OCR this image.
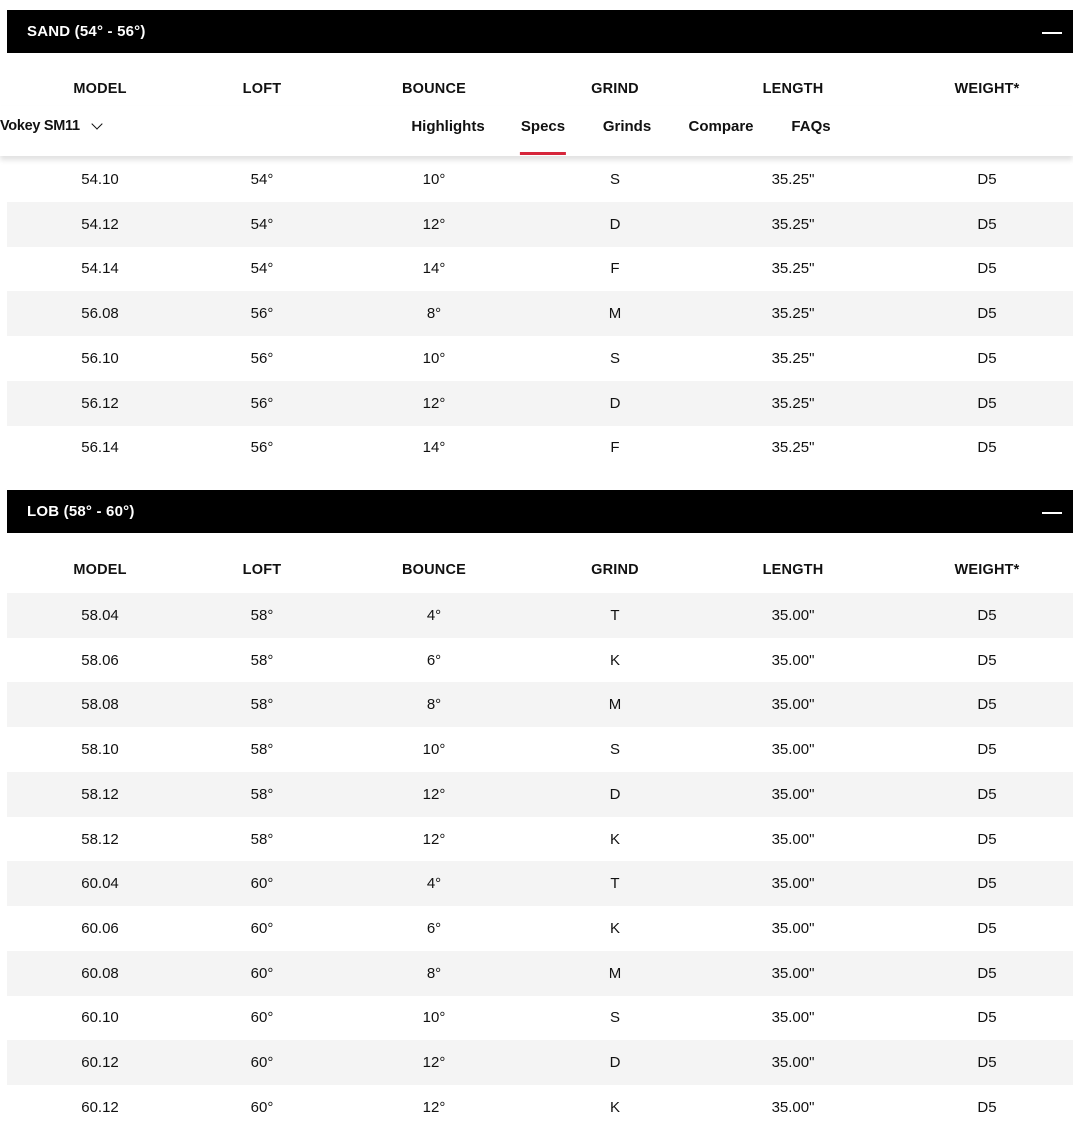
SAND (54° - 56°)
MODEL	LOFT	BOUNCE	GRIND	LENGTH	WEIGHT*
54.10	54°	10°	S	35.25"	D5
54.12	54°	12°	D	35.25"	D5
54.14	54°	14°	F	35.25"	D5
56.08	56°	8°	M	35.25"	D5
56.10	56°	10°	S	35.25"	D5
56.12	56°	12°	D	35.25"	D5
56.14	56°	14°	F	35.25"	D5
LOB (58° - 60°)
MODEL	LOFT	BOUNCE	GRIND	LENGTH	WEIGHT*
58.04	58°	4°	T	35.00"	D5
58.06	58°	6°	K	35.00"	D5
58.08	58°	8°	M	35.00"	D5
58.10	58°	10°	S	35.00"	D5
58.12	58°	12°	D	35.00"	D5
58.12	58°	12°	K	35.00"	D5
60.04	60°	4°	T	35.00"	D5
60.06	60°	6°	K	35.00"	D5
60.08	60°	8°	M	35.00"	D5
60.10	60°	10°	S	35.00"	D5
60.12	60°	12°	D	35.00"	D5
60.12	60°	12°	K	35.00"	D5
Vokey SM11	Highlights Specs	Grinds Compare	FAQs
